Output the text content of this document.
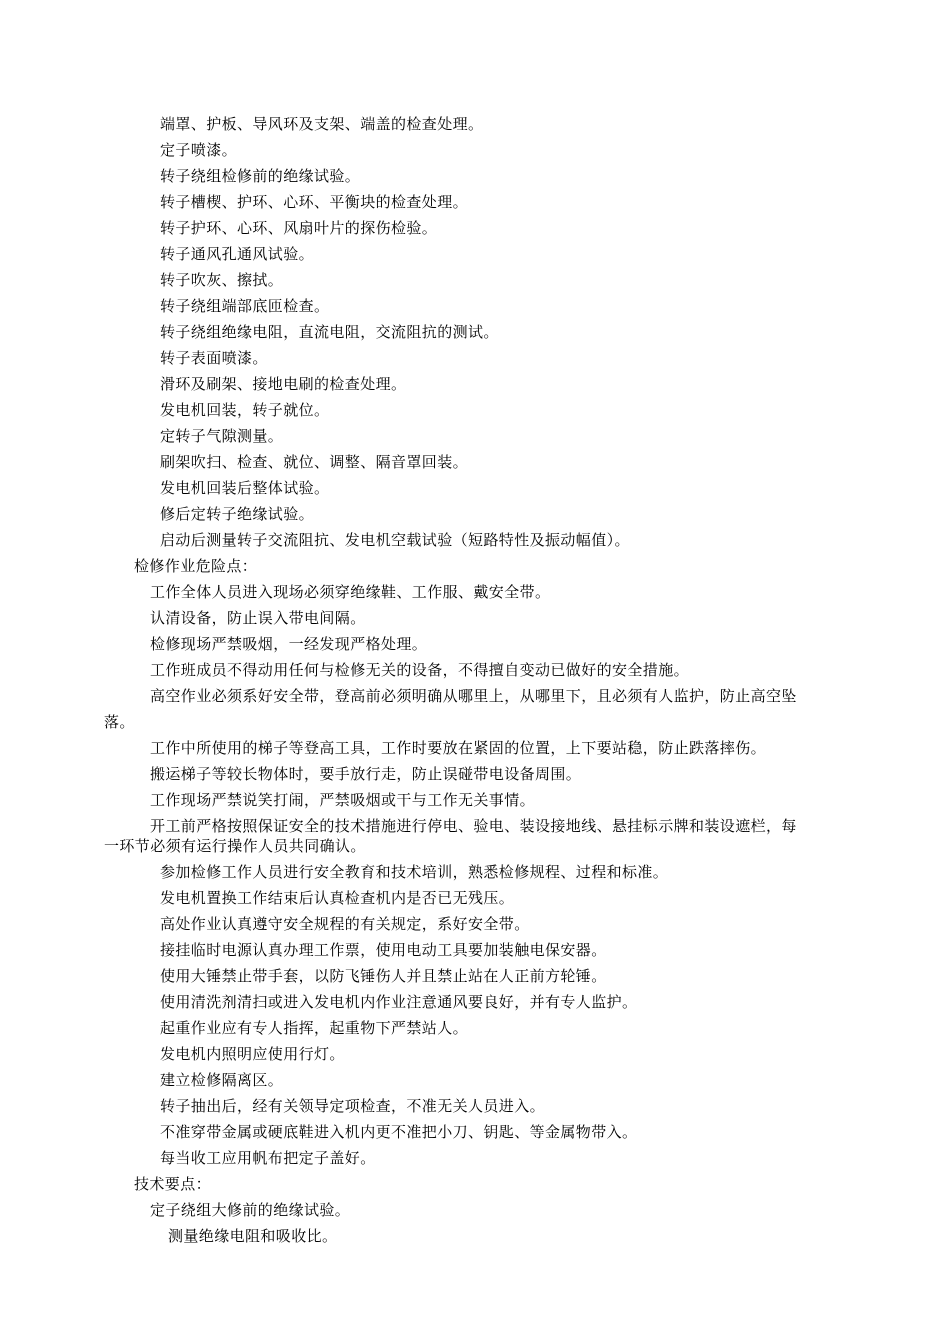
端罩、护板、导风环及支架、端盖的检查处理。
定子喷漆。
转子绕组检修前的绝缘试验。
转子槽楔、护环、心环、平衡块的检查处理。
转子护环、心环、风扇叶片的探伤检验。
转子通风孔通风试验。
转子吹灰、擦拭。
转子绕组端部底匝检查。
转子绕组绝缘电阻，直流电阻，交流阻抗的测试。
转子表面喷漆。
滑环及刷架、接地电刷的检查处理。
发电机回装，转子就位。
定转子气隙测量。
刷架吹扫、检查、就位、调整、隔音罩回装。
发电机回装后整体试验。
修后定转子绝缘试验。
启动后测量转子交流阻抗、发电机空载试验（短路特性及振动幅值）。
检修作业危险点：
工作全体人员进入现场必须穿绝缘鞋、工作服、戴安全带。
认清设备，防止误入带电间隔。
检修现场严禁吸烟，一经发现严格处理。
工作班成员不得动用任何与检修无关的设备，不得擅自变动已做好的安全措施。
高空作业必须系好安全带，登高前必须明确从哪里上，从哪里下，且必须有人监护，防止高空坠
落。
工作中所使用的梯子等登高工具，工作时要放在紧固的位置，上下要站稳，防止跌落摔伤。
搬运梯子等较长物体时，要手放行走，防止误碰带电设备周围。
工作现场严禁说笑打闹，严禁吸烟或干与工作无关事情。
开工前严格按照保证安全的技术措施进行停电、验电、装设接地线、悬挂标示牌和装设遮栏，每
一环节必须有运行操作人员共同确认。
参加检修工作人员进行安全教育和技术培训，熟悉检修规程、过程和标准。
发电机置换工作结束后认真检查机内是否已无残压。
高处作业认真遵守安全规程的有关规定，系好安全带。
接挂临时电源认真办理工作票，使用电动工具要加装触电保安器。
使用大锤禁止带手套，以防飞锤伤人并且禁止站在人正前方轮锤。
使用清洗剂清扫或进入发电机内作业注意通风要良好，并有专人监护。
起重作业应有专人指挥，起重物下严禁站人。
发电机内照明应使用行灯。
建立检修隔离区。
转子抽出后，经有关领导定项检查，不准无关人员进入。
不准穿带金属或硬底鞋进入机内更不准把小刀、钥匙、等金属物带入。
每当收工应用帆布把定子盖好。
技术要点：
定子绕组大修前的绝缘试验。
测量绝缘电阻和吸收比。
